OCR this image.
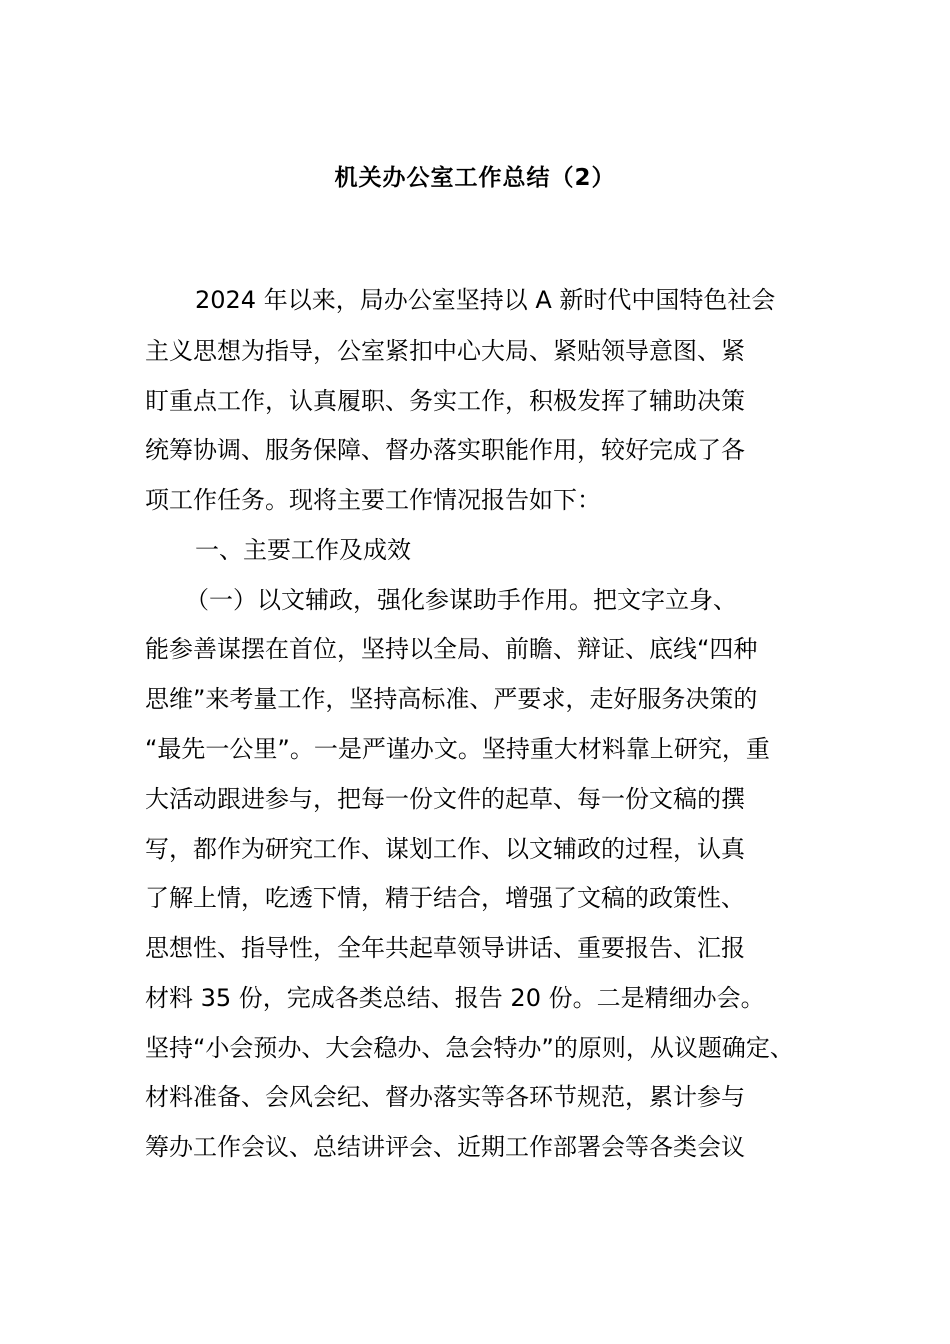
机关办公室工作总结（2）
2024 年以来，局办公室坚持以 A 新时代中国特色社会
主义思想为指导，公室紧扣中心大局、紧贴领导意图、紧
盯重点工作，认真履职、务实工作，积极发挥了辅助决策
统筹协调、服务保障、督办落实职能作用，较好完成了各
项工作任务。现将主要工作情况报告如下：
一、主要工作及成效
（一）以文辅政，强化参谋助手作用。把文字立身、
能参善谋摆在首位，坚持以全局、前瞻、辩证、底线“四种
思维”来考量工作，坚持高标准、严要求，走好服务决策的
“最先一公里”。一是严谨办文。坚持重大材料靠上研究，重
大活动跟进参与，把每一份文件的起草、每一份文稿的撰
写，都作为研究工作、谋划工作、以文辅政的过程，认真
了解上情，吃透下情，精于结合，增强了文稿的政策性、
思想性、指导性，全年共起草领导讲话、重要报告、汇报
材料 35 份，完成各类总结、报告 20 份。二是精细办会。
坚持“小会预办、大会稳办、急会特办”的原则，从议题确定、
材料准备、会风会纪、督办落实等各环节规范，累计参与
筹办工作会议、总结讲评会、近期工作部署会等各类会议
